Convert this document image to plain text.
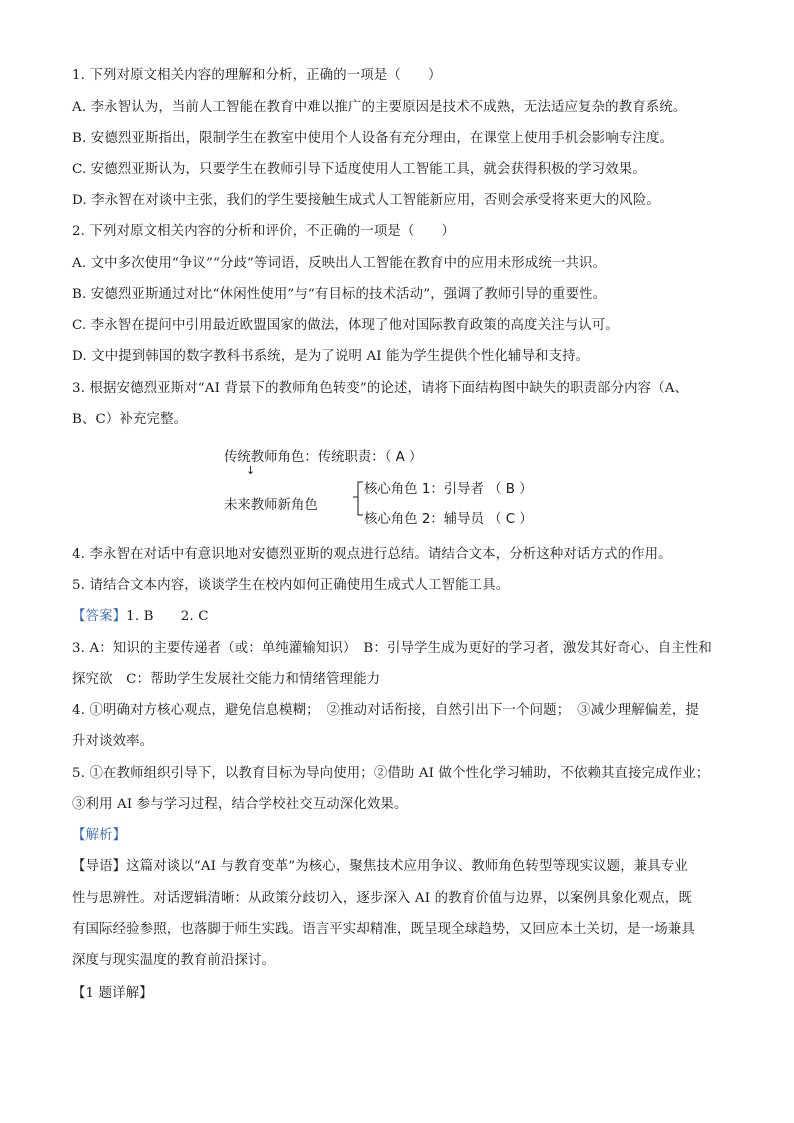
1. 下列对原文相关内容的理解和分析，正确的一项是（　　）
A. 李永智认为，当前人工智能在教育中难以推广的主要原因是技术不成熟，无法适应复杂的教育系统。
B. 安德烈亚斯指出，限制学生在教室中使用个人设备有充分理由，在课堂上使用手机会影响专注度。
C. 安德烈亚斯认为，只要学生在教师引导下适度使用人工智能工具，就会获得积极的学习效果。
D. 李永智在对谈中主张，我们的学生要接触生成式人工智能新应用，否则会承受将来更大的风险。
2. 下列对原文相关内容的分析和评价，不正确的一项是（　　）
A. 文中多次使用“争议”“分歧”等词语，反映出人工智能在教育中的应用未形成统一共识。
B. 安德烈亚斯通过对比“休闲性使用”与“有目标的技术活动”，强调了教师引导的重要性。
C. 李永智在提问中引用最近欧盟国家的做法，体现了他对国际教育政策的高度关注与认可。
D. 文中提到韩国的数字教科书系统，是为了说明 AI 能为学生提供个性化辅导和支持。
3. 根据安德烈亚斯对“AI 背景下的教师角色转变”的论述，请将下面结构图中缺失的职责部分内容（A、
B、C）补充完整。
传统教师角色：传统职责：（ A ）
↓
未来教师新角色
核心角色 1：引导者 （ B ）
核心角色 2：辅导员 （ C ）
4. 李永智在对话中有意识地对安德烈亚斯的观点进行总结。请结合文本，分析这种对话方式的作用。
5. 请结合文本内容，谈谈学生在校内如何正确使用生成式人工智能工具。
【答案】1. B　　2. C
3. A：知识的主要传递者（或：单纯灌输知识）　B：引导学生成为更好的学习者，激发其好奇心、自主性和
探究欲　C：帮助学生发展社交能力和情绪管理能力
4. ①明确对方核心观点，避免信息模糊；　②推动对话衔接，自然引出下一个问题；　③减少理解偏差，提
升对谈效率。
5. ①在教师组织引导下，以教育目标为导向使用；②借助 AI 做个性化学习辅助，不依赖其直接完成作业；
③利用 AI 参与学习过程，结合学校社交互动深化效果。
【解析】
【导语】这篇对谈以“AI 与教育变革”为核心，聚焦技术应用争议、教师角色转型等现实议题，兼具专业
性与思辨性。对话逻辑清晰：从政策分歧切入，逐步深入 AI 的教育价值与边界，以案例具象化观点，既
有国际经验参照，也落脚于师生实践。语言平实却精准，既呈现全球趋势，又回应本土关切，是一场兼具
深度与现实温度的教育前沿探讨。
【1 题详解】
